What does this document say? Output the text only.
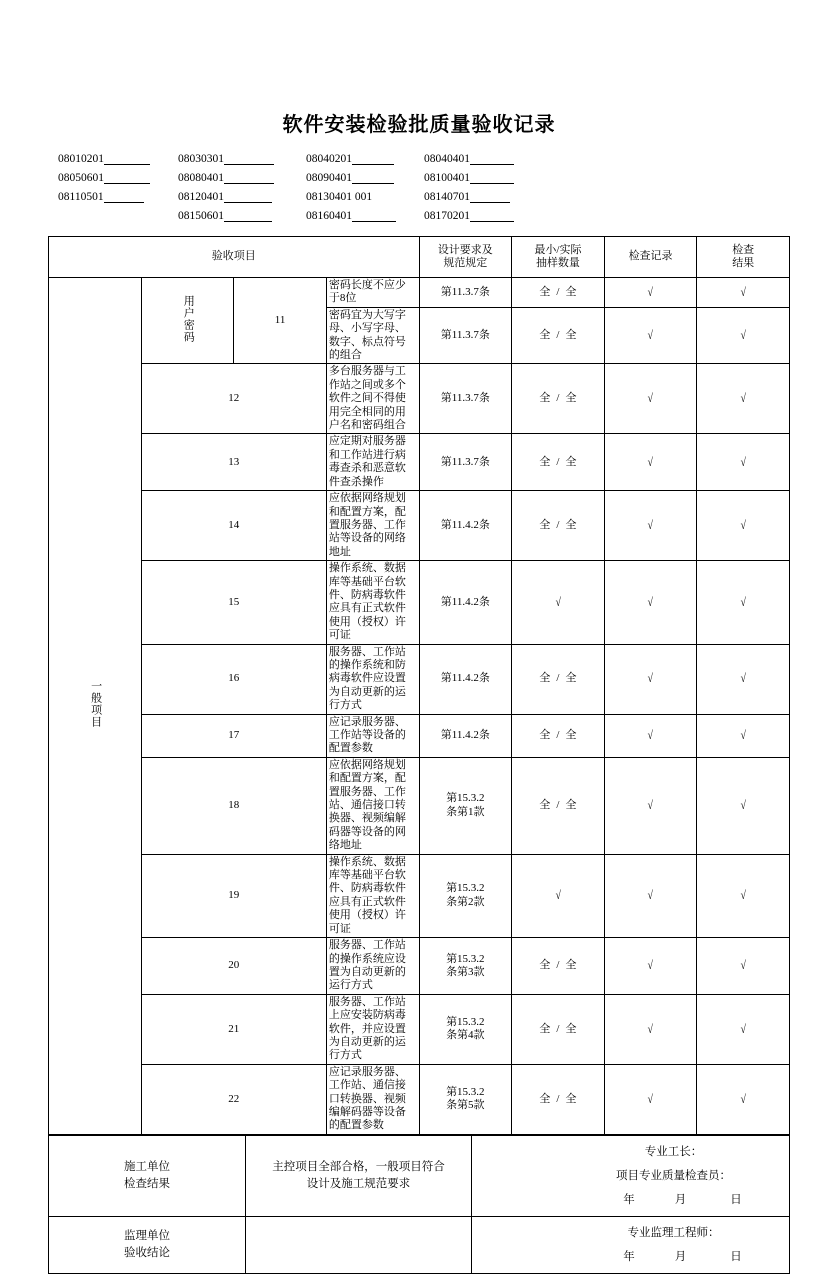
软件安装检验批质量验收记录
08010201	08030301	08040201	08040401
08050601	08080401	08090401	08100401
08110501	08120401	08130401 001	08140701
08150601	08160401	08170201
验收项目				设计要求及
规范规定	最小/实际
抽样数量	检查记录	检查
结果
一般项目	用户密码	11	密码长度不应少于8位	第11.3.7条	全 / 全	√	√
			密码宜为大写字母、小写字母、数字、标点符号的组合	第11.3.7条	全 / 全	√	√
	12		多台服务器与工作站之间或多个软件之间不得使用完全相同的用户名和密码组合	第11.3.7条	全 / 全	√	√
	13		应定期对服务器和工作站进行病毒查杀和恶意软件查杀操作	第11.3.7条	全 / 全	√	√
	14		应依据网络规划和配置方案，配置服务器、工作站等设备的网络地址	第11.4.2条	全 / 全	√	√
	15		操作系统、数据库等基础平台软件、防病毒软件应具有正式软件使用（授权）许可证	第11.4.2条	√	√	√
	16		服务器、工作站的操作系统和防病毒软件应设置为自动更新的运行方式	第11.4.2条	全 / 全	√	√
	17		应记录服务器、工作站等设备的配置参数	第11.4.2条	全 / 全	√	√
	18		应依据网络规划和配置方案，配置服务器、工作站、通信接口转换器、视频编解码器等设备的网络地址	第15.3.2
条第1款	全 / 全	√	√
	19		操作系统、数据库等基础平台软件、防病毒软件应具有正式软件使用（授权）许可证	第15.3.2
条第2款	√	√	√
	20		服务器、工作站的操作系统应设置为自动更新的运行方式	第15.3.2
条第3款	全 / 全	√	√
	21		服务器、工作站上应安装防病毒软件，并应设置为自动更新的运行方式	第15.3.2
条第4款	全 / 全	√	√
	22		应记录服务器、工作站、通信接口转换器、视频编解码器等设备的配置参数	第15.3.2
条第5款	全 / 全	√	√
施工单位
检查结果	主控项目全部合格，一般项目符合
设计及施工规范要求	
专业工长：
项目专业质量检查员：
年	月	日

监理单位
验收结论		
专业监理工程师：
年	月	日
